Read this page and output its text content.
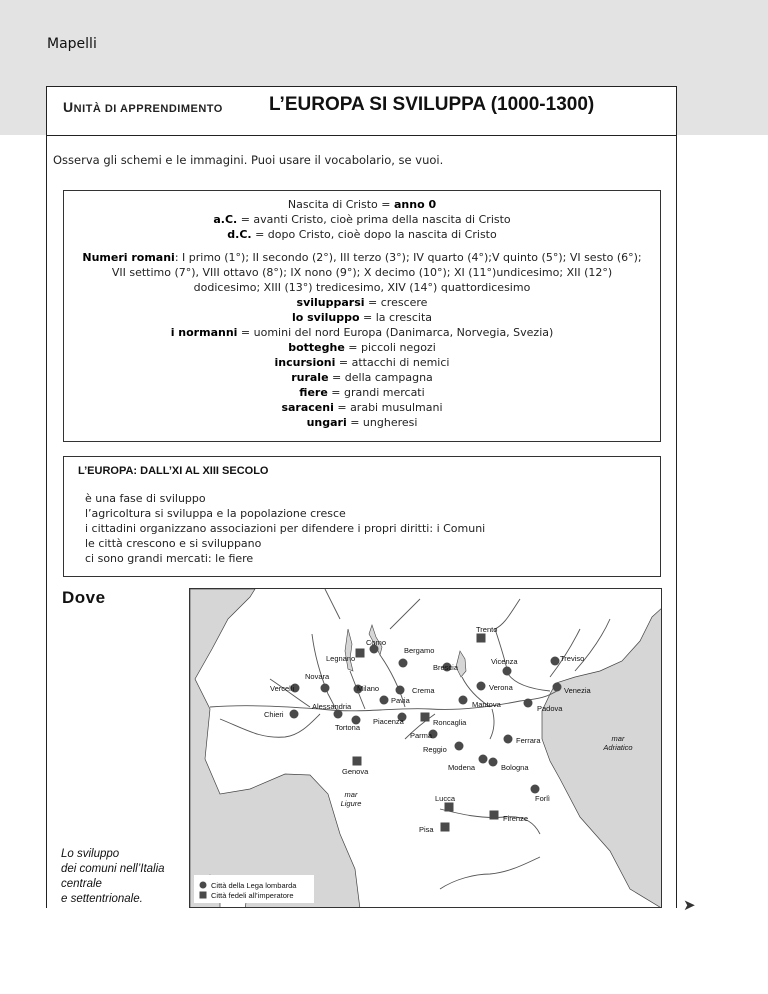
Mapelli
UNITÀ DI APPRENDIMENTO L’EUROPA SI SVILUPPA (1000-1300)
Osserva gli schemi e le immagini. Puoi usare il vocabolario, se vuoi.
Nascita di Cristo = anno 0
a.C. = avanti Cristo, cioè prima della nascita di Cristo
d.C. = dopo Cristo, cioè dopo la nascita di Cristo
Numeri romani: I primo (1°); II secondo (2°), III terzo (3°); IV quarto (4°);V quinto (5°); VI sesto (6°); VII settimo (7°), VIII ottavo (8°); IX nono (9°); X decimo (10°); XI (11°)undicesimo; XII (12°) dodicesimo; XIII (13°) tredicesimo, XIV (14°) quattordicesimo
svilupparsi = crescere
lo sviluppo = la crescita
i normanni = uomini del nord Europa (Danimarca, Norvegia, Svezia)
botteghe = piccoli negozi
incursioni = attacchi di nemici
rurale = della campagna
fiere = grandi mercati
saraceni = arabi musulmani
ungari = ungheresi
L’EUROPA: DALL’XI AL XIII SECOLO
è una fase di sviluppo
l’agricoltura si sviluppa e la popolazione cresce
i cittadini organizzano associazioni per difendere i propri diritti: i Comuni
le città crescono e si sviluppano
ci sono grandi mercati: le fiere
Dove
Trento
Como
Legnano
Bergamo
Brescia
Vicenza	Treviso
Novara
Vercelli	Milano	Crema	Verona	Venezia
Pavia	Mantova	Padova
Chieri
Alessandria
Piacenza	Roncaglia
Tortona
Parma
Ferrara
Reggio
Modena	Bologna
Genova
Lucca	Forlì
Firenze
Pisa
mar
Adriatico
mar
Ligure
Città della Lega lombarda
Città fedeli all’imperatore
Lo sviluppo
dei comuni nell’Italia
centrale
e settentrionale.	➤
